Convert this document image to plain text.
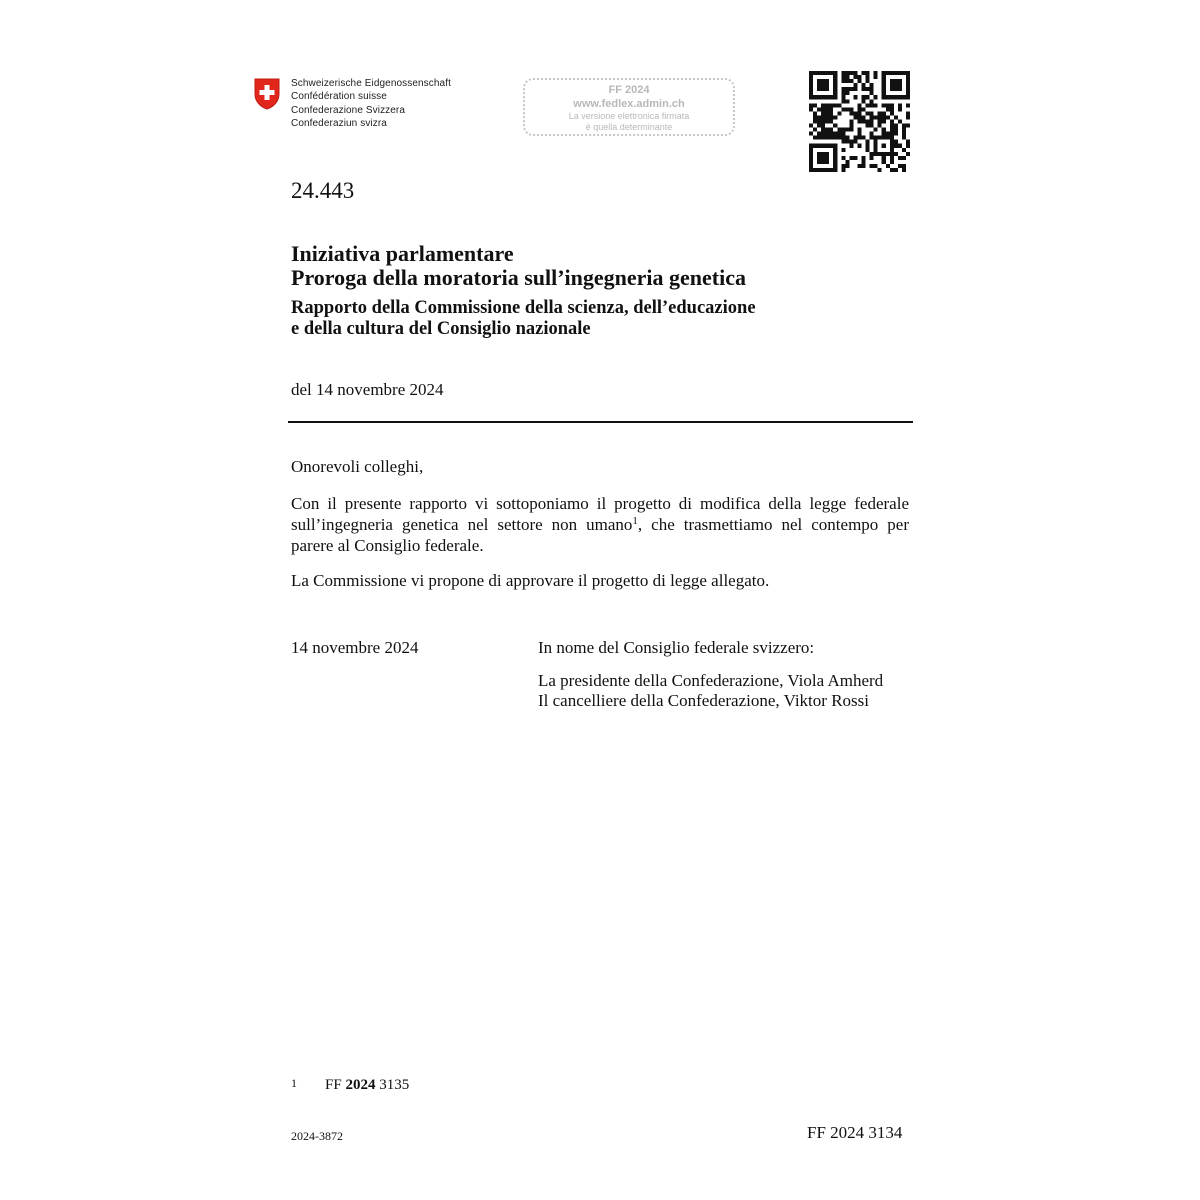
Schweizerische Eidgenossenschaft
Confédération suisse
Confederazione Svizzera
Confederaziun svizra
FF 2024
www.fedlex.admin.ch
La versione elettronica firmata
è quella determinante
24.443
Iniziativa parlamentare
Proroga della moratoria sull’ingegneria genetica
Rapporto della Commissione della scienza, dell’educazione
e della cultura del Consiglio nazionale
del 14 novembre 2024
Onorevoli colleghi,
Con il presente rapporto vi sottoponiamo il progetto di modifica della legge federale
sull’ingegneria genetica nel settore non umano$^1$, che trasmettiamo nel contempo per
parere al Consiglio federale.
La Commissione vi propone di approvare il progetto di legge allegato.
14 novembre 2024	In nome del Consiglio federale svizzero:
La presidente della Confederazione, Viola Amherd
Il cancelliere della Confederazione, Viktor Rossi
1 FF 2024 3135
2024-3872	FF 2024 3134
